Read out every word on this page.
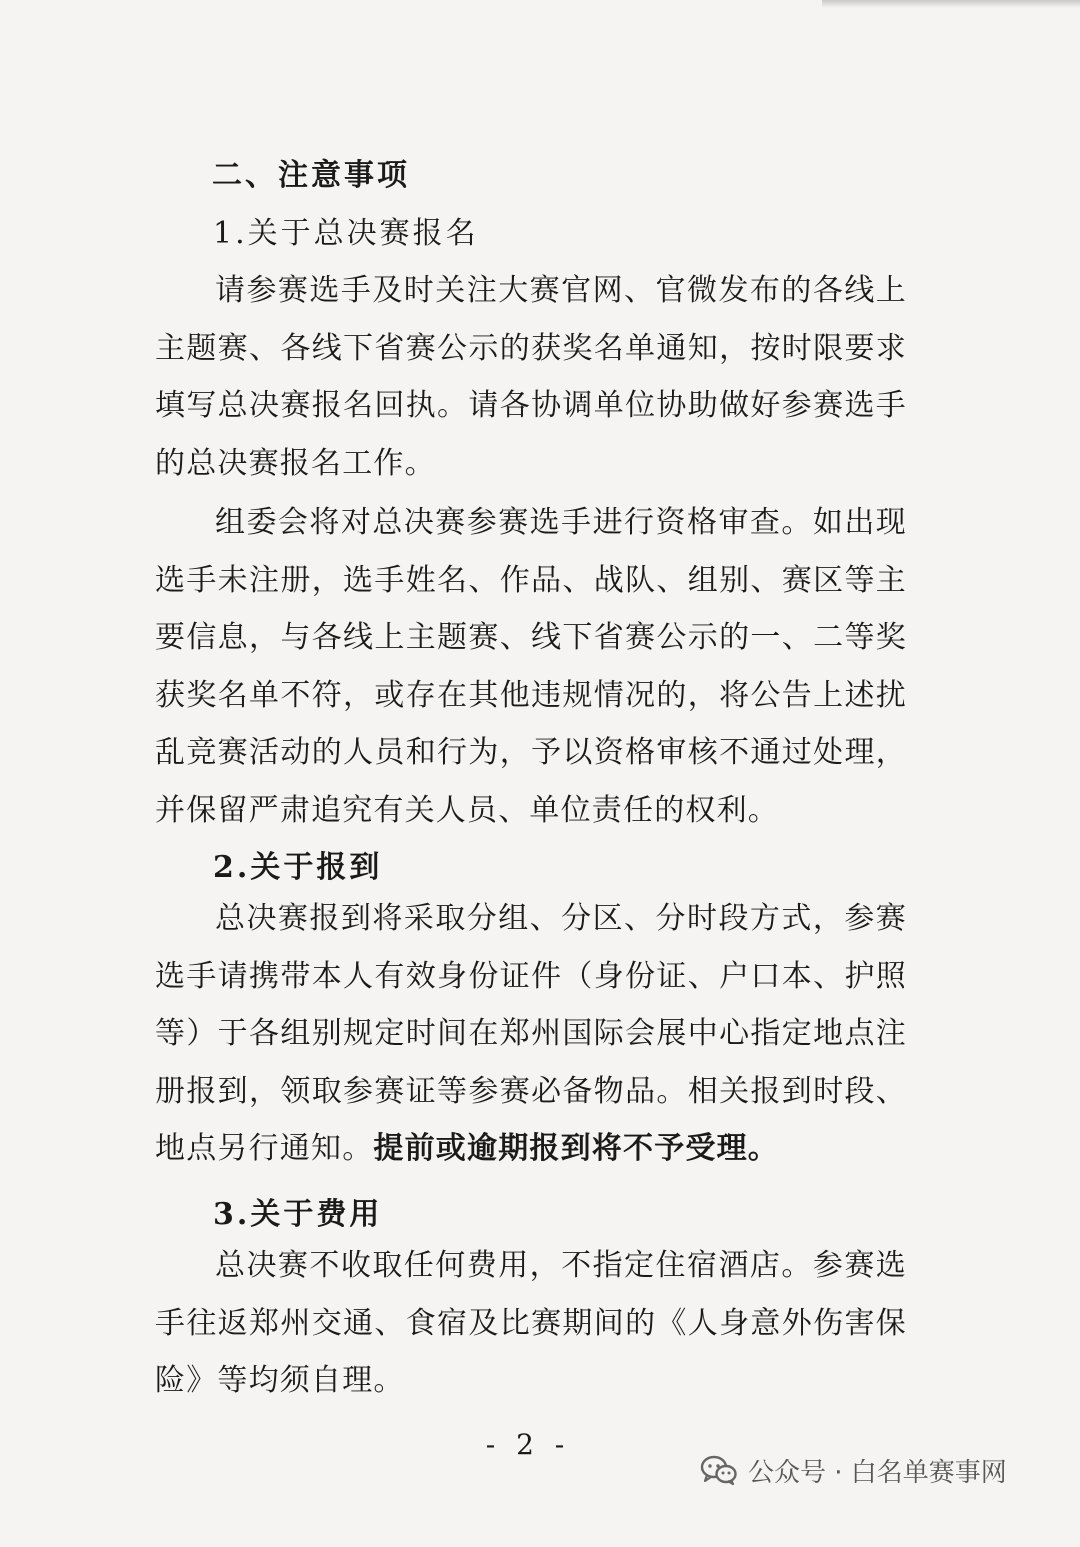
二、注意事项
1.关于总决赛报名

请参赛选手及时关注大赛官网、官微发布的各线上主题赛、各线下省赛公示的获奖名单通知，按时限要求填写总决赛报名回执。请各协调单位协助做好参赛选手的总决赛报名工作。

组委会将对总决赛参赛选手进行资格审查。如出现选手未注册，选手姓名、作品、战队、组别、赛区等主要信息，与各线上主题赛、线下省赛公示的一、二等奖获奖名单不符，或存在其他违规情况的，将公告上述扰乱竞赛活动的人员和行为，予以资格审核不通过处理，并保留严肃追究有关人员、单位责任的权利。

2.关于报到

总决赛报到将采取分组、分区、分时段方式，参赛选手请携带本人有效身份证件（身份证、户口本、护照等）于各组别规定时间在郑州国际会展中心指定地点注册报到，领取参赛证等参赛必备物品。相关报到时段、地点另行通知。提前或逾期报到将不予受理。

3.关于费用

总决赛不收取任何费用，不指定住宿酒店。参赛选手往返郑州交通、食宿及比赛期间的《人身意外伤害保险》等均须自理。

- 2 -
公众号 · 白名单赛事网
